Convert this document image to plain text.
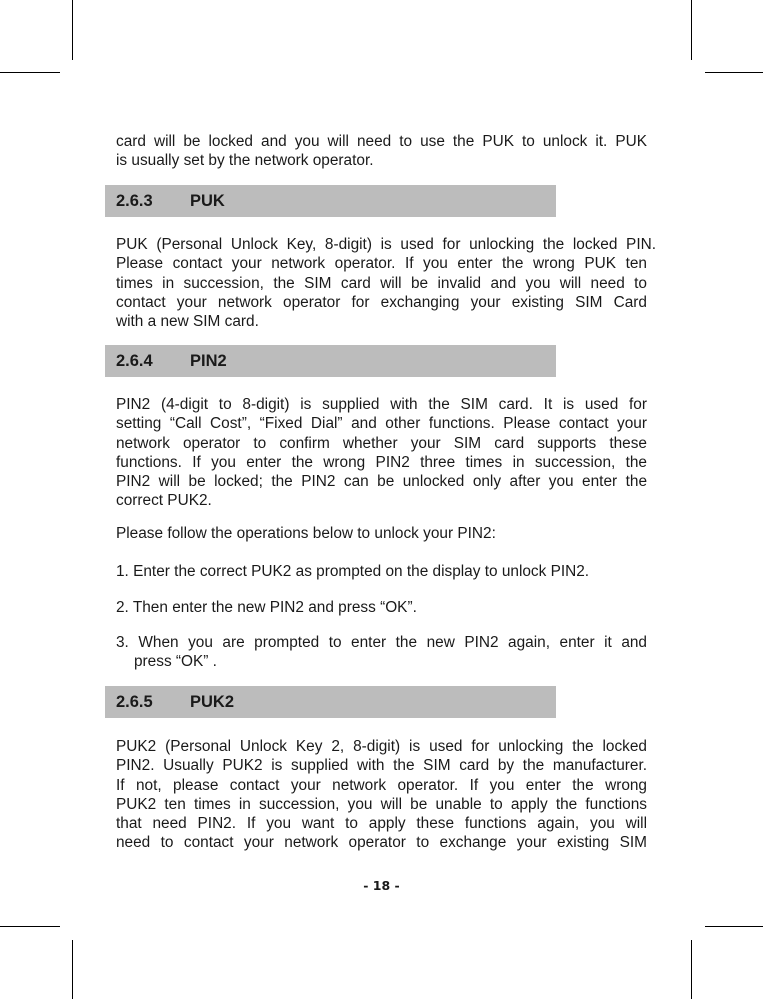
card will be locked and you will need to use the PUK to unlock it. PUK
is usually set by the network operator.
2.6.3	PUK
PUK (Personal Unlock Key, 8-digit) is used for unlocking the locked PIN.
Please contact your network operator. If you enter the wrong PUK ten
times in succession, the SIM card will be invalid and you will need to
contact your network operator for exchanging your existing SIM Card
with a new SIM card.
2.6.4	PIN2
PIN2 (4-digit to 8-digit) is supplied with the SIM card. It is used for
setting “Call Cost”, “Fixed Dial” and other functions. Please contact your
network operator to confirm whether your SIM card supports these
functions. If you enter the wrong PIN2 three times in succession, the
PIN2 will be locked; the PIN2 can be unlocked only after you enter the
correct PUK2.

Please follow the operations below to unlock your PIN2:

1. Enter the correct PUK2 as prompted on the display to unlock PIN2.

2. Then enter the new PIN2 and press “OK”.

3. When you are prompted to enter the new PIN2 again, enter it and
press “OK” .
2.6.5	PUK2
PUK2 (Personal Unlock Key 2, 8-digit) is used for unlocking the locked
PIN2. Usually PUK2 is supplied with the SIM card by the manufacturer.
If not, please contact your network operator. If you enter the wrong
PUK2 ten times in succession, you will be unable to apply the functions
that need PIN2. If you want to apply these functions again, you will
need to contact your network operator to exchange your existing SIM
- 18 -
